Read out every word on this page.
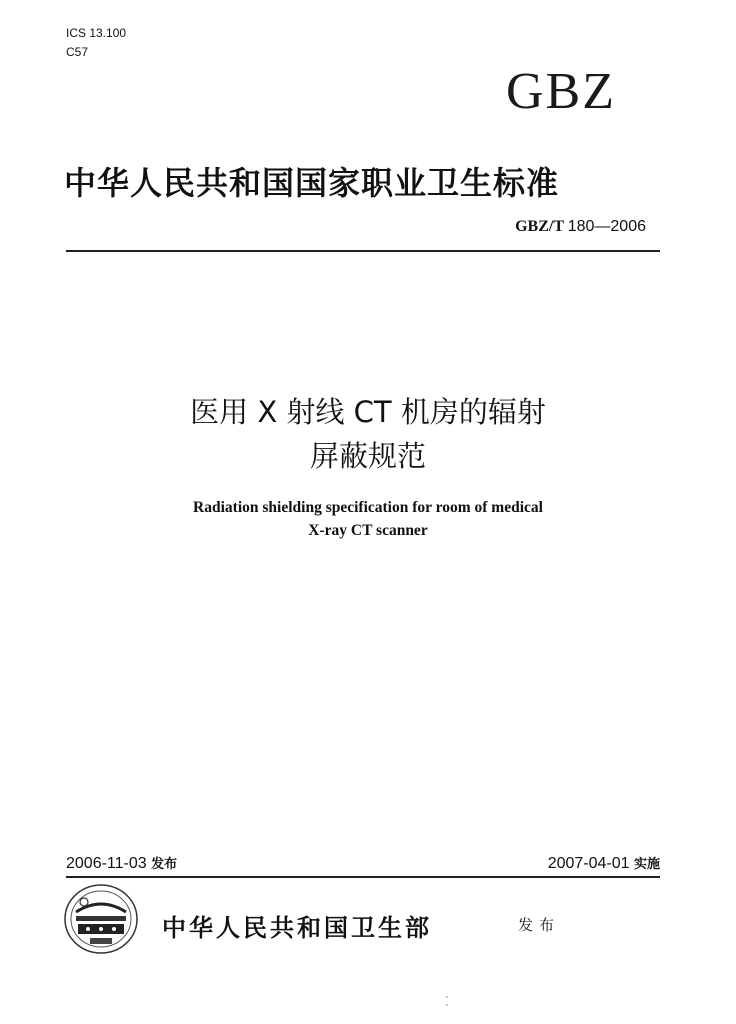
ICS 13.100
C57
GBZ
中华人民共和国国家职业卫生标准
GBZ/T 180—2006
医用 X 射线 CT 机房的辐射
屏蔽规范
Radiation shielding specification for room of medical
X-ray CT scanner
2006-11-03 发布	2007-04-01 实施
中华人民共和国卫生部	发布
